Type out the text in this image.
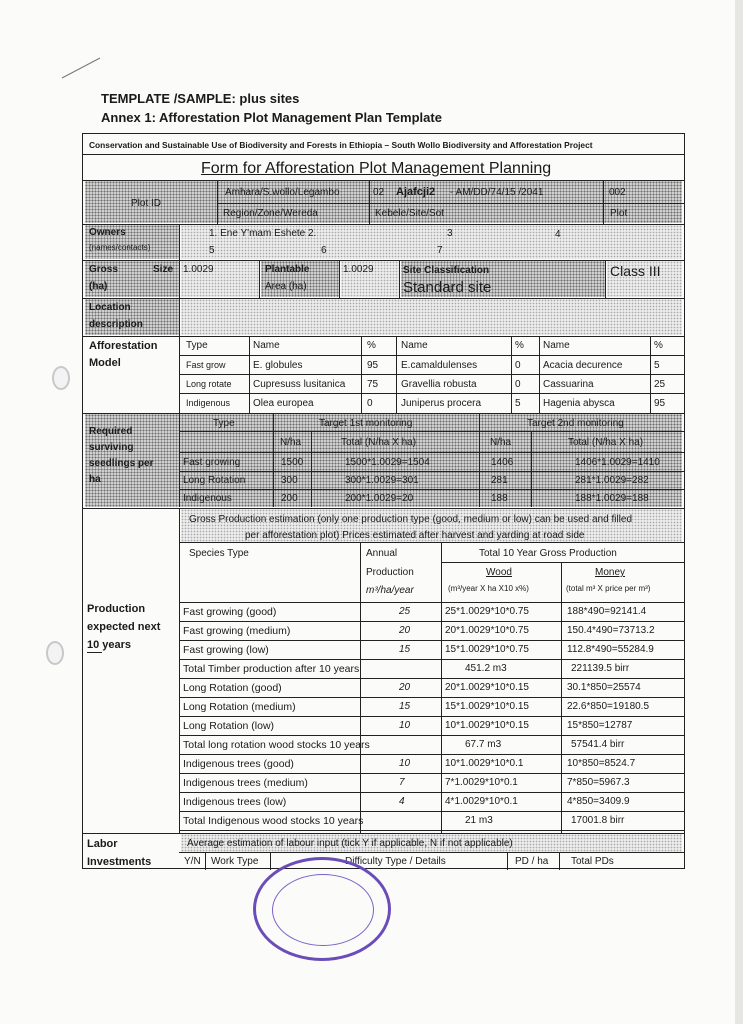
TEMPLATE /SAMPLE: plus sites
Annex 1: Afforestation Plot Management Plan Template
Conservation and Sustainable Use of Biodiversity and Forests in Ethiopia – South Wollo Biodiversity and Afforestation Project
Form for Afforestation Plot Management Planning
Plot ID
Amhara/S.wollo/Legambo	02 Ajafcji2 - AM/DD/74/15 /2041	002
Region/Zone/Wereda	Kebele/Site/Sot	Plot
Owners
(names/contacts)
1. Ene Y'mam Eshete 2.	3	4
5	6	7
Gross	Size
(ha)
1.0029	Plantable
Area (ha)
1.0029	Site Classification
Standard site
Class III
Location
description
Afforestation
Model
Required
surviving
seedlings per
ha
Production
expected next
10 years
Gross Production estimation (only one production type (good, medium or low) can be used and filled
per afforestation plot) Prices estimated after harvest and yarding at road side
Labor
Investments
Average estimation of labour input (tick Y if applicable, N if not applicable)
Type	Name	%	Name	% Name	%
Fast grow	E. globules	95 E.camaldulenses	0 Acacia decurence	5
Long rotate Cupresuss lusitanica 75 Gravellia robusta	0 Cassuarina	25
Indigenous Olea europea	0	Juniperus procera	5 Hagenia abysca	95
Type	Target 1st monitoring	Target 2nd monitoring
N/ha	Total (N/ha X ha)	N/ha	Total (N/ha X ha)
Fast growing	1500	1500*1.0029=1504	1406	1406*1.0029=1410
Long Rotation	300	300*1.0029=301	281	281*1.0029=282
Indigenous	200	200*1.0029=20	188	188*1.0029=188
Species Type	Annual
Production
m³/ha/year
Total 10 Year Gross Production
Wood
(m³/year X ha X10 x%)
Money
(total m³ X price per m³)
Fast growing (good)	25	25*1.0029*10*0.75	188*490=92141.4
Fast growing (medium)	20	20*1.0029*10*0.75	150.4*490=73713.2
Fast growing (low)	15	15*1.0029*10*0.75	112.8*490=55284.9
Total Timber production after 10 years	451.2 m3	221139.5 birr
Long Rotation (good)	20	20*1.0029*10*0.15	30.1*850=25574
Long Rotation (medium)	15	15*1.0029*10*0.15	22.6*850=19180.5
Long Rotation (low)	10	10*1.0029*10*0.15	15*850=12787
Total long rotation wood stocks 10 years	67.7 m3	57541.4 birr
Indigenous trees (good)	10	10*1.0029*10*0.1	10*850=8524.7
Indigenous trees (medium)	7	7*1.0029*10*0.1	7*850=5967.3
Indigenous trees (low)	4	4*1.0029*10*0.1	4*850=3409.9
Total Indigenous wood stocks 10 years	21 m3	17001.8 birr
Y/N Work Type	Difficulty Type / Details	PD / ha Total PDs
